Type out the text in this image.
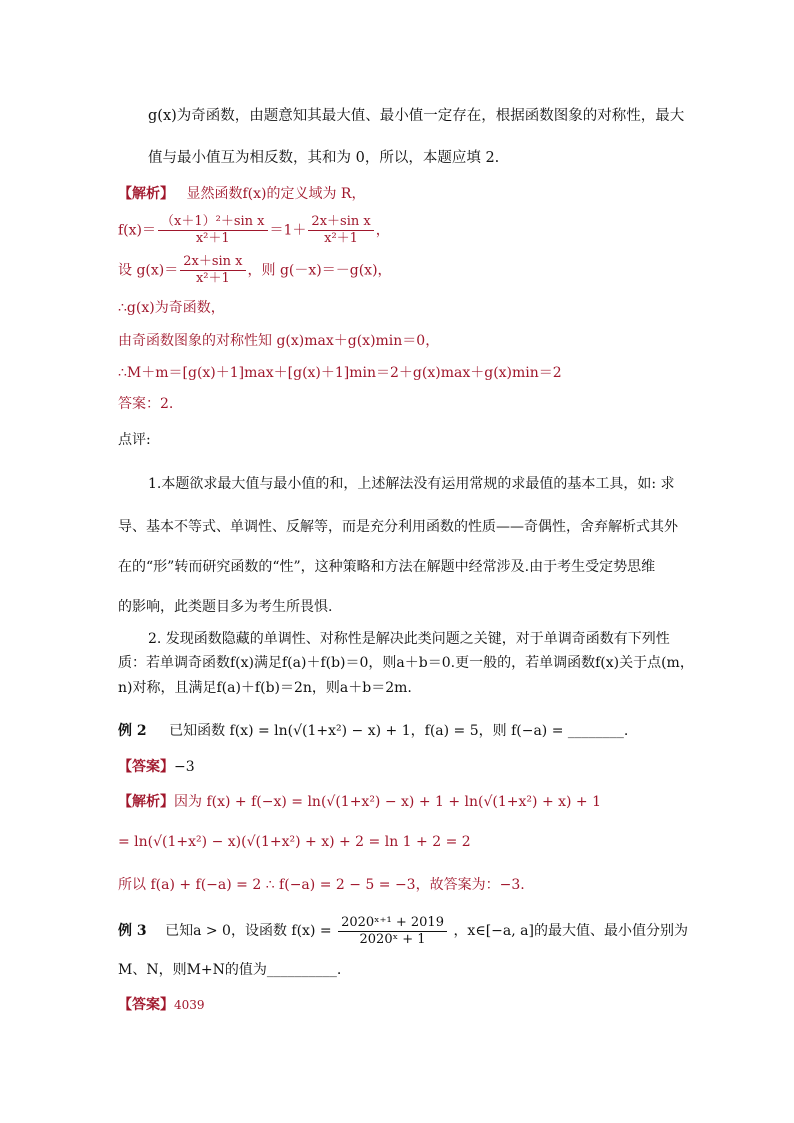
g(x)为奇函数，由题意知其最大值、最小值一定存在，根据函数图象的对称性，最大
值与最小值互为相反数，其和为 0，所以，本题应填 2.
【解析】 显然函数f(x)的定义域为 R，
$f(x)= \frac{\text{（x＋1）²＋sin x}}{\text{x²＋1}} =1+ \frac{\text{2x＋sin x}}{\text{x²＋1}}$ ，
设 $g(x)= \frac{\text{2x＋sin x}}{\text{x²＋1}}$ ，则 g(－x)＝－g(x)，
∴g(x)为奇函数，
由奇函数图象的对称性知 g(x)max＋g(x)min＝0，
∴M＋m＝[g(x)＋1]max＋[g(x)＋1]min＝2＋g(x)max＋g(x)min＝2
答案：2.
点评:
1.本题欲求最大值与最小值的和，上述解法没有运用常规的求最值的基本工具，如: 求
导、基本不等式、单调性、反解等，而是充分利用函数的性质——奇偶性，舍弃解析式其外
在的“形”转而研究函数的“性”，这种策略和方法在解题中经常涉及.由于考生受定势思维
的影响，此类题目多为考生所畏惧.
2. 发现函数隐藏的单调性、对称性是解决此类问题之关键，对于单调奇函数有下列性
质：若单调奇函数f(x)满足f(a)＋f(b)＝0，则a＋b＝0.更一般的，若单调函数f(x)关于点(m，
n)对称，且满足f(a)＋f(b)＝2n，则a＋b＝2m.
例 2 已知函数 f(x) = ln(√(1+x²) − x) + 1，f(a) = 5，则 f(−a) = ________.
【答案】−3
【解析】因为 f(x) + f(−x) = ln(√(1+x²) − x) + 1 + ln(√(1+x²) + x) + 1
= ln(√(1+x²) − x)(√(1+x²) + x) + 2 = ln 1 + 2 = 2
所以 f(a) + f(−a) = 2 ∴ f(−a) = 2 − 5 = −3，故答案为：−3.
例 3 已知a > 0，设函数 $f(x) = \frac{\text{2020ˣ⁺¹ + 2019}}{\text{2020ˣ + 1}}$ ，x∈[−a, a]的最大值、最小值分别为
M、N，则M+N的值为__________.
【答案】4039
